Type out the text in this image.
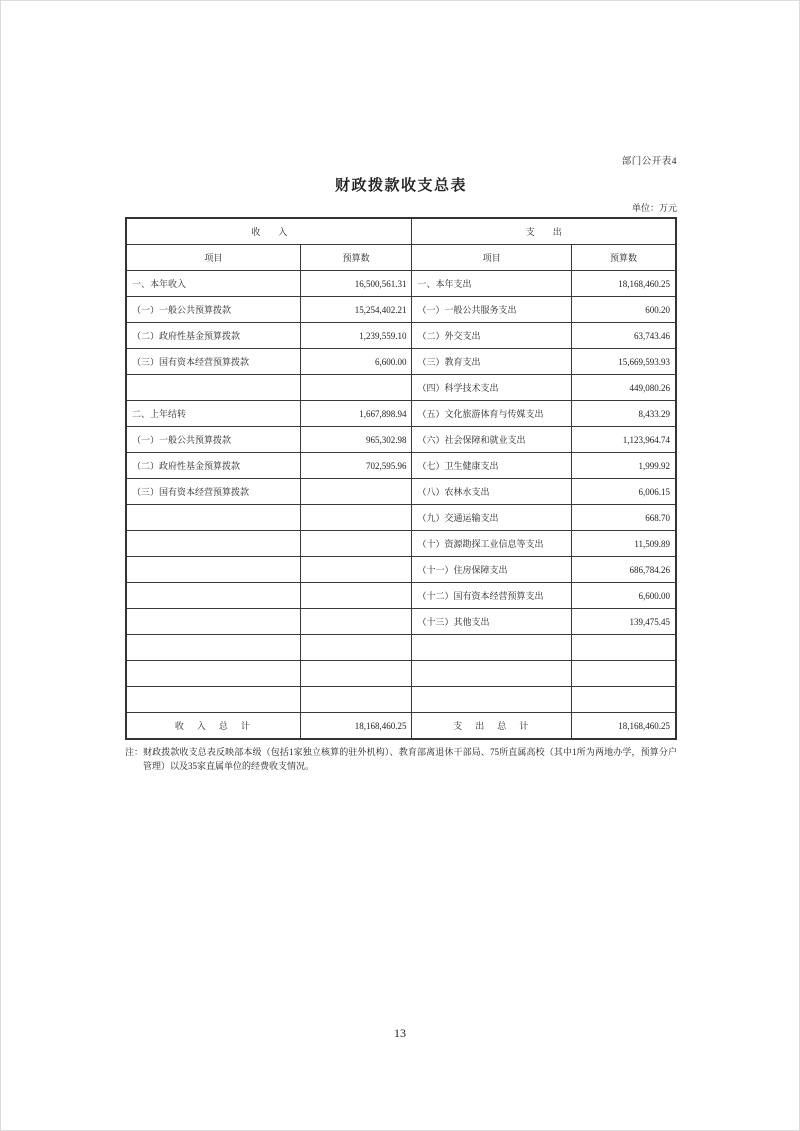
部门公开表4
财政拨款收支总表
单位：万元
收　　入		支　　出	
项目	预算数	项目	预算数
一、本年收入	16,500,561.31	一、本年支出	18,168,460.25
（一）一般公共预算拨款	15,254,402.21	（一）一般公共服务支出	600.20
（二）政府性基金预算拨款	1,239,559.10	（二）外交支出	63,743.46
（三）国有资本经营预算拨款	6,600.00	（三）教育支出	15,669,593.93
		（四）科学技术支出	449,080.26
二、上年结转	1,667,898.94	（五）文化旅游体育与传媒支出	8,433.29
（一）一般公共预算拨款	965,302.98	（六）社会保障和就业支出	1,123,964.74
（二）政府性基金预算拨款	702,595.96	（七）卫生健康支出	1,999.92
（三）国有资本经营预算拨款		（八）农林水支出	6,006.15
		（九）交通运输支出	668.70
		（十）资源勘探工业信息等支出	11,509.89
		（十一）住房保障支出	686,784.26
		（十二）国有资本经营预算支出	6,600.00
		（十三）其他支出	139,475.45

收　入　总　计	18,168,460.25	支　出　总　计	18,168,460.25
注： 财政拨款收支总表反映部本级（包括1家独立核算的驻外机构）、教育部离退休干部局、75所直属高校（其中1所为两地办学，预算分户管理）以及35家直属单位的经费收支情况。
13
